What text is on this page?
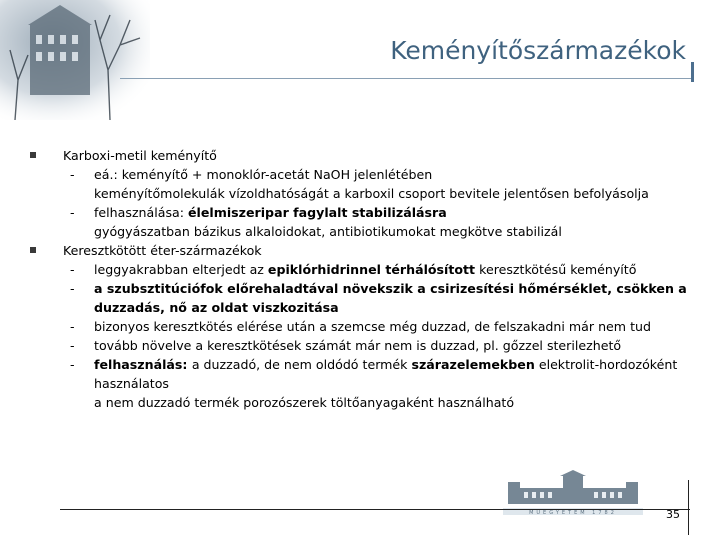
Keményítőszármazékok
Karboxi-metil keményítő
- eá.: keményítő + monoklór-acetát NaOH jelenlétében
keményítőmolekulák vízoldhatóságát a karboxil csoport bevitele jelentősen befolyásolja
- felhasználása: élelmiszeripar fagylalt stabilizálásra
gyógyászatban bázikus alkaloidokat, antibiotikumokat megkötve stabilizál
Keresztkötött éter-származékok
- leggyakrabban elterjedt az epiklórhidrinnel térhálósított keresztkötésű keményítő
- a szubsztitúciófok előrehaladtával növekszik a csirizesítési hőmérséklet, csökken a
duzzadás, nő az oldat viszkozitása
- bizonyos keresztkötés elérése után a szemcse még duzzad, de felszakadni már nem tud
- tovább növelve a keresztkötések számát már nem is duzzad, pl. gőzzel sterilezhető
- felhasználás: a duzzadó, de nem oldódó termék szárazelemekben elektrolit-hordozóként
használatos
a nem duzzadó termék porozószerek töltőanyagaként használható
MŰEGYETEM 1782	35
